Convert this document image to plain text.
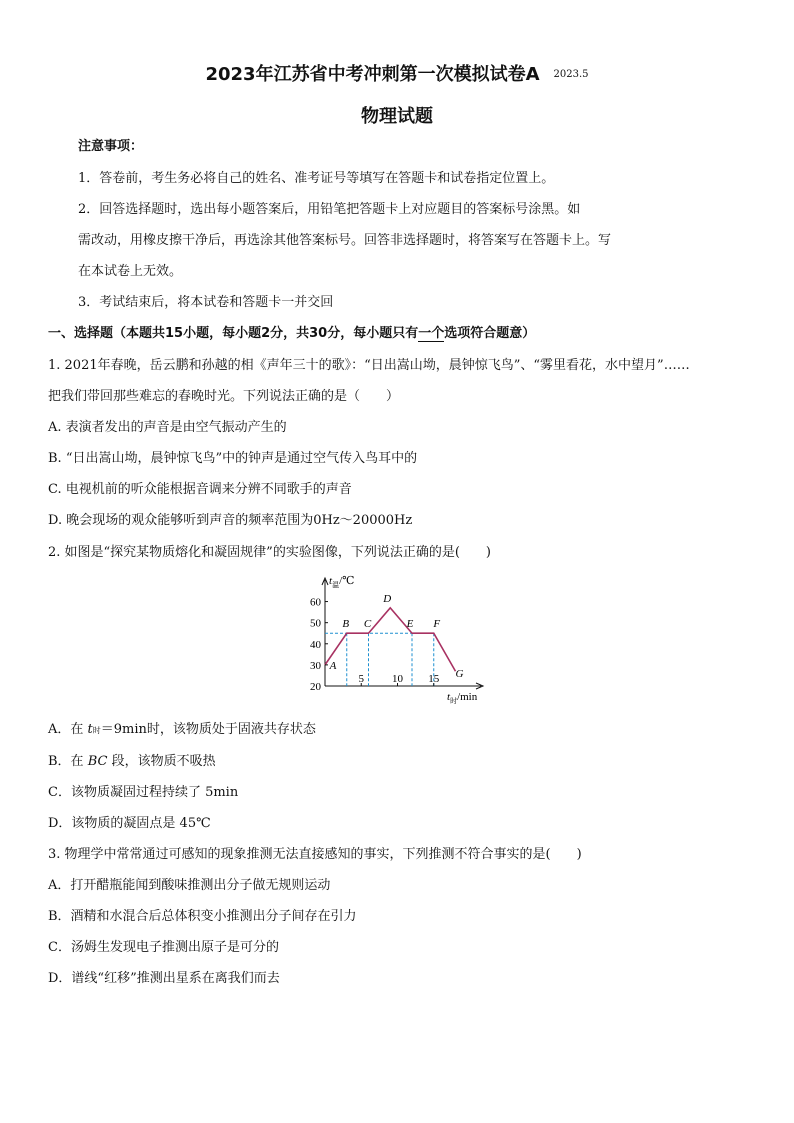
2023年江苏省中考冲刺第一次模拟试卷A 2023.5
物理试题
注意事项：
1．答卷前，考生务必将自己的姓名、准考证号等填写在答题卡和试卷指定位置上。
2．回答选择题时，选出每小题答案后，用铅笔把答题卡上对应题目的答案标号涂黑。如
需改动，用橡皮擦干净后，再选涂其他答案标号。回答非选择题时，将答案写在答题卡上。写
在本试卷上无效。
3．考试结束后，将本试卷和答题卡一并交回
一、选择题（本题共15小题，每小题2分，共30分，每小题只有一个选项符合题意）
1. 2021年春晚，岳云鹏和孙越的相《声年三十的歌》：“日出嵩山坳，晨钟惊飞鸟”、“雾里看花，水中望月”……
把我们带回那些难忘的春晚时光。下列说法正确的是（　　）
A. 表演者发出的声音是由空气振动产生的
B. “日出嵩山坳，晨钟惊飞鸟”中的钟声是通过空气传入鸟耳中的
C. 电视机前的听众能根据音调来分辨不同歌手的声音
D. 晚会现场的观众能够听到声音的频率范围为0Hz～20000Hz
2. 如图是“探究某物质熔化和凝固规律”的实验图像，下列说法正确的是(　　)
20
30
40
50
60
5	10 15
A
B C
D
E F
G
$t_温/℃$
$t_时/\min$
A．在 t时＝9min时，该物质处于固液共存状态
B．在 BC 段，该物质不吸热
C．该物质凝固过程持续了 5min
D．该物质的凝固点是 45℃
3. 物理学中常常通过可感知的现象推测无法直接感知的事实，下列推测不符合事实的是(　　)
A．打开醋瓶能闻到酸味推测出分子做无规则运动
B．酒精和水混合后总体积变小推测出分子间存在引力
C．汤姆生发现电子推测出原子是可分的
D．谱线“红移”推测出星系在离我们而去
